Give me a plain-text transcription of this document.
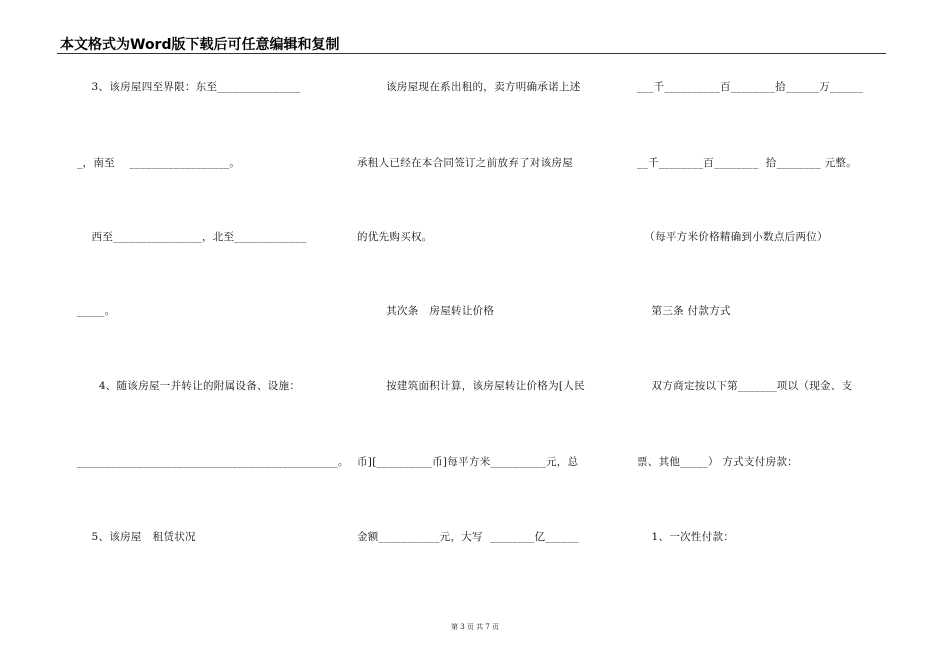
本文格式为Word版下载后可任意编辑和复制
3、该房屋四至界限：东至_______________
_，南至    __________________。
西至________________，北至_____________
_____。
4、随该房屋一并转让的附属设备、设施：
_______________________________________________。
5、该房屋   租赁状况
该房屋现在系出租的，卖方明确承诺上述
承租人已经在本合同签订之前放弃了对该房屋
的优先购买权。
其次条   房屋转让价格
按建筑面积计算，该房屋转让价格为[人民
币][__________币]每平方米__________元，总
金额___________元，大写  ________亿______
___千__________百________拾______万______
__千________百________  拾________ 元整。
（每平方米价格精确到小数点后两位）
第三条 付款方式
双方商定按以下第_______项以（现金、支
票、其他_____） 方式支付房款：
1、一次性付款：
第 3 页 共 7 页
